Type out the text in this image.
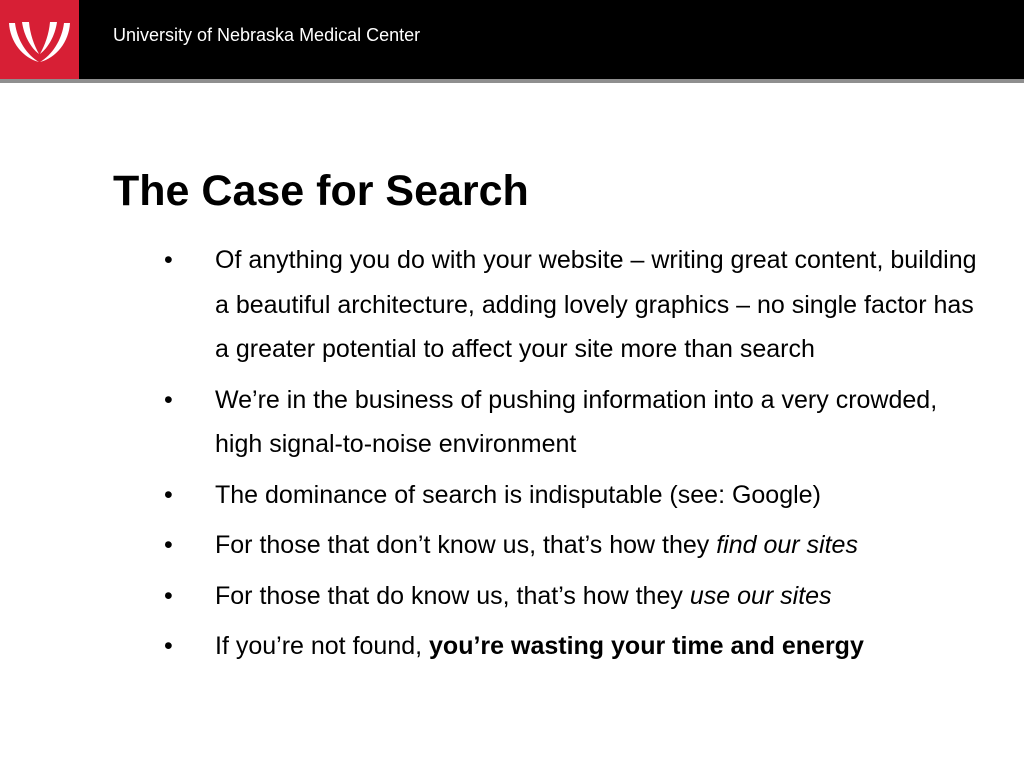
University of Nebraska Medical Center
The Case for Search
• Of anything you do with your website – writing great content, building a beautiful architecture, adding lovely graphics – no single factor has a greater potential to affect your site more than search
• We’re in the business of pushing information into a very crowded, high signal-to-noise environment
• The dominance of search is indisputable (see: Google)
• For those that don’t know us, that’s how they find our sites
• For those that do know us, that’s how they use our sites
• If you’re not found, you’re wasting your time and energy
